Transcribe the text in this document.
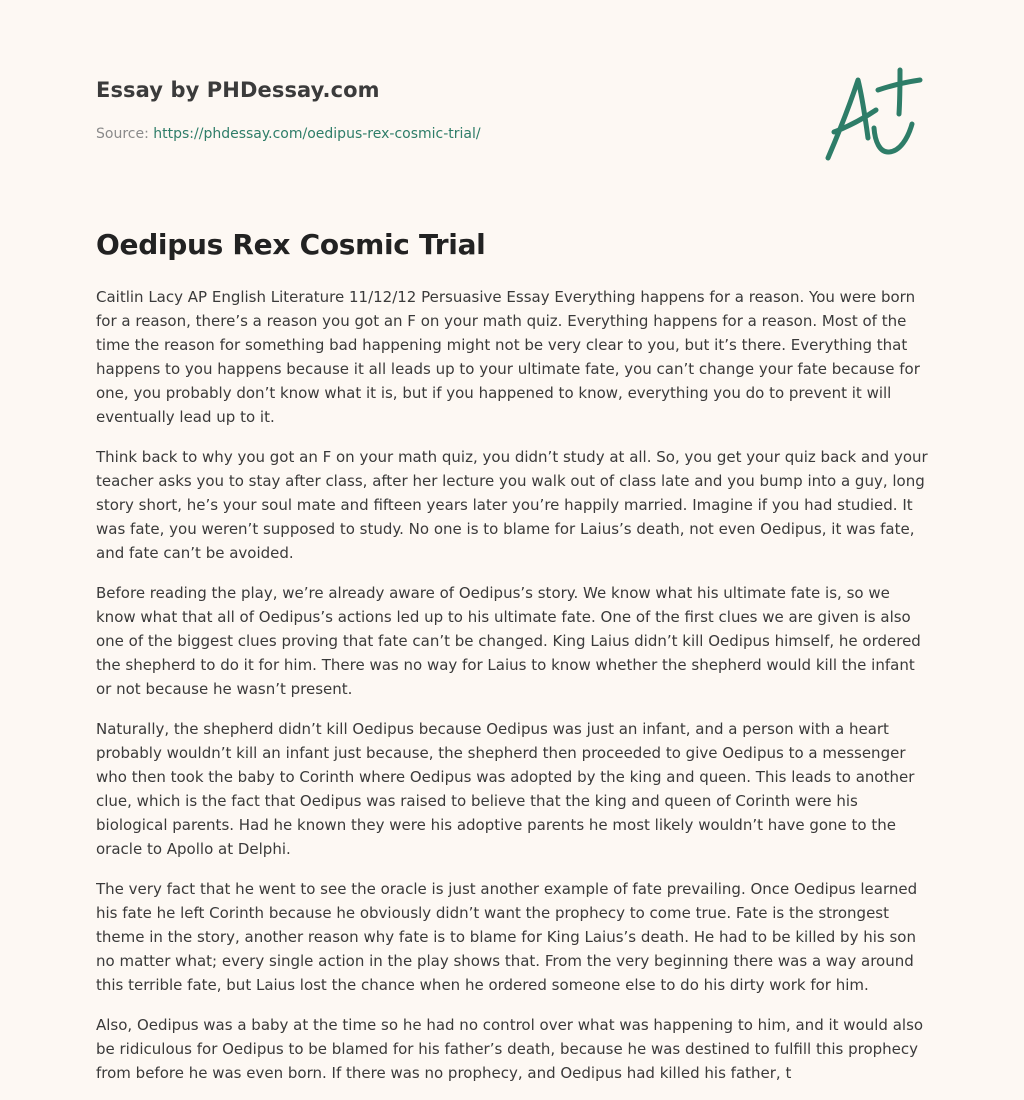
Essay by PHDessay.com
Source: https://phdessay.com/oedipus-rex-cosmic-trial/
Oedipus Rex Cosmic Trial

Caitlin Lacy AP English Literature 11/12/12 Persuasive Essay Everything happens for a reason. You were born for a reason, there’s a reason you got an F on your math quiz. Everything happens for a reason. Most of the time the reason for something bad happening might not be very clear to you, but it’s there. Everything that happens to you happens because it all leads up to your ultimate fate, you can’t change your fate because for one, you probably don’t know what it is, but if you happened to know, everything you do to prevent it will eventually lead up to it.

Think back to why you got an F on your math quiz, you didn’t study at all. So, you get your quiz back and your teacher asks you to stay after class, after her lecture you walk out of class late and you bump into a guy, long story short, he’s your soul mate and fifteen years later you’re happily married. Imagine if you had studied. It was fate, you weren’t supposed to study. No one is to blame for Laius’s death, not even Oedipus, it was fate, and fate can’t be avoided.

Before reading the play, we’re already aware of Oedipus’s story. We know what his ultimate fate is, so we know what that all of Oedipus’s actions led up to his ultimate fate. One of the first clues we are given is also one of the biggest clues proving that fate can’t be changed. King Laius didn’t kill Oedipus himself, he ordered the shepherd to do it for him. There was no way for Laius to know whether the shepherd would kill the infant or not because he wasn’t present.

Naturally, the shepherd didn’t kill Oedipus because Oedipus was just an infant, and a person with a heart probably wouldn’t kill an infant just because, the shepherd then proceeded to give Oedipus to a messenger who then took the baby to Corinth where Oedipus was adopted by the king and queen. This leads to another clue, which is the fact that Oedipus was raised to believe that the king and queen of Corinth were his biological parents. Had he known they were his adoptive parents he most likely wouldn’t have gone to the oracle to Apollo at Delphi.

The very fact that he went to see the oracle is just another example of fate prevailing. Once Oedipus learned his fate he left Corinth because he obviously didn’t want the prophecy to come true. Fate is the strongest theme in the story, another reason why fate is to blame for King Laius’s death. He had to be killed by his son no matter what; every single action in the play shows that. From the very beginning there was a way around this terrible fate, but Laius lost the chance when he ordered someone else to do his dirty work for him.

Also, Oedipus was a baby at the time so he had no control over what was happening to him, and it would also be ridiculous for Oedipus to be blamed for his father’s death, because he was destined to fulfill this prophecy from before he was even born. If there was no prophecy, and Oedipus had killed his father, t
